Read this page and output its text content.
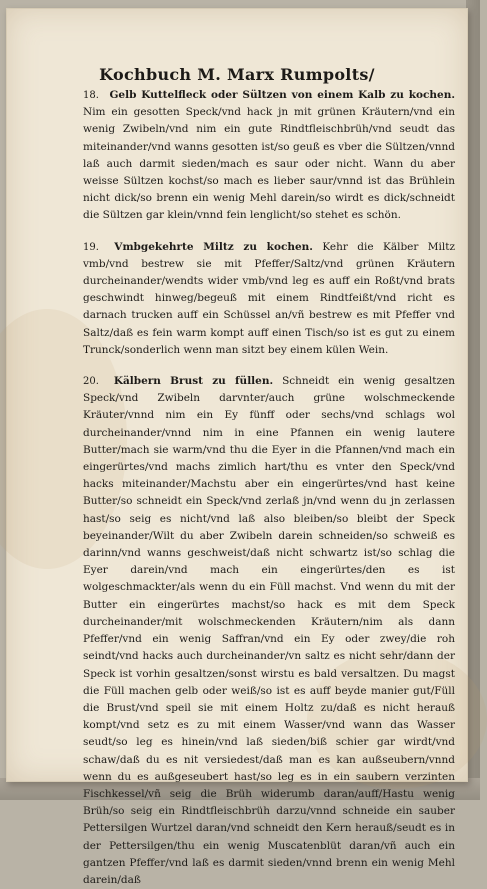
Kochbuch M. Marx Rumpolts/

18. Gelb Kuttelfleck oder Sültzen von einem Kalb zu kochen. Nim ein gesotten Speck/vnd hack jn mit grünen Kräutern/vnd ein wenig Zwibeln/vnd nim ein gute Rindtfleischbrüh/vnd seudt das miteinander/vnd wanns gesotten ist/so geuß es vber die Sültzen/vnnd laß auch darmit sieden/mach es saur oder nicht. Wann du aber weisse Sültzen kochst/so mach es lieber saur/vnnd ist das Brühlein nicht dick/so brenn ein wenig Mehl darein/so wirdt es dick/schneidt die Sültzen gar klein/vnnd fein lenglicht/so stehet es schön.

19. Vmbgekehrte Miltz zu kochen. Kehr die Kälber Miltz vmb/vnd bestrew sie mit Pfeffer/Saltz/vnd grünen Kräutern durcheinander/wendts wider vmb/vnd leg es auff ein Roßt/vnd brats geschwindt hinweg/begeuß mit einem Rindtfeißt/vnd richt es darnach trucken auff ein Schüssel an/vñ bestrew es mit Pfeffer vnd Saltz/daß es fein warm kompt auff einen Tisch/so ist es gut zu einem Trunck/sonderlich wenn man sitzt bey einem külen Wein.

20. Kälbern Brust zu füllen. Schneidt ein wenig gesaltzen Speck/vnd Zwibeln darvnter/auch grüne wolschmeckende Kräuter/vnnd nim ein Ey fünff oder sechs/vnd schlags wol durcheinander/vnnd nim in eine Pfannen ein wenig lautere Butter/mach sie warm/vnd thu die Eyer in die Pfannen/vnd mach ein eingerürtes/vnd machs zimlich hart/thu es vnter den Speck/vnd hacks miteinander/Machstu aber ein eingerürtes/vnd hast keine Butter/so schneidt ein Speck/vnd zerlaß jn/vnd wenn du jn zerlassen hast/so seig es nicht/vnd laß also bleiben/so bleibt der Speck beyeinander/Wilt du aber Zwibeln darein schneiden/so schweiß es darinn/vnd wanns geschweist/daß nicht schwartz ist/so schlag die Eyer darein/vnd mach ein eingerürtes/den es ist wolgeschmackter/als wenn du ein Füll machst. Vnd wenn du mit der Butter ein eingerürtes machst/so hack es mit dem Speck durcheinander/mit wolschmeckenden Kräutern/nim als dann Pfeffer/vnd ein wenig Saffran/vnd ein Ey oder zwey/die roh seindt/vnd hacks auch durcheinander/vn saltz es nicht sehr/dann der Speck ist vorhin gesaltzen/sonst wirstu es bald versaltzen. Du magst die Füll machen gelb oder weiß/so ist es auff beyde manier gut/Füll die Brust/vnd speil sie mit einem Holtz zu/daß es nicht herauß kompt/vnd setz es zu mit einem Wasser/vnd wann das Wasser seudt/so leg es hinein/vnd laß sieden/biß schier gar wirdt/vnd schaw/daß du es nit versiedest/daß man es kan außseubern/vnnd wenn du es außgeseubert hast/so leg es in ein saubern verzinten Fischkessel/vñ seig die Brüh widerumb daran/auff/Hastu wenig Brüh/so seig ein Rindtfleischbrüh darzu/vnnd schneide ein sauber Pettersilgen Wurtzel daran/vnd schneidt den Kern herauß/seudt es in der Pettersilgen/thu ein wenig Muscatenblüt daran/vñ auch ein gantzen Pfeffer/vnd laß es darmit sieden/vnnd brenn ein wenig Mehl darein/daß
